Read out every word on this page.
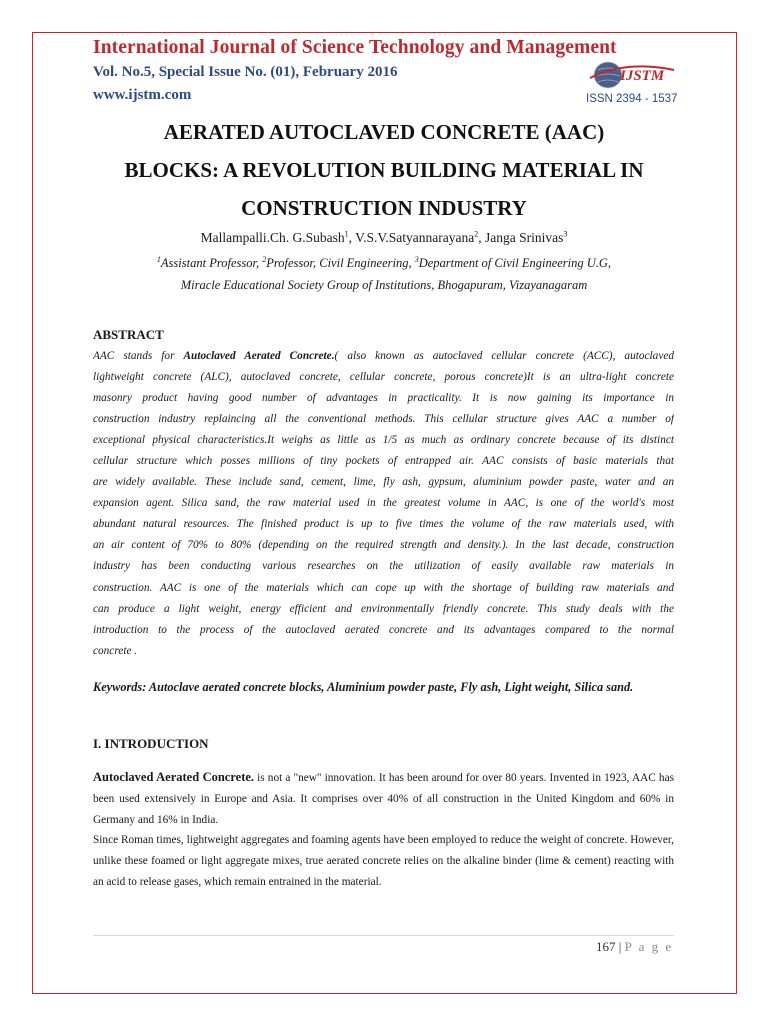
International Journal of Science Technology and Management
Vol. No.5, Special Issue No. (01), February 2016
www.ijstm.com
IJSTM
ISSN 2394 - 1537
AERATED AUTOCLAVED CONCRETE (AAC)
BLOCKS: A REVOLUTION BUILDING MATERIAL IN
CONSTRUCTION INDUSTRY
Mallampalli.Ch. G.Subash$^1$, V.S.V.Satyannarayana$^2$, Janga Srinivas$^3$
$^1$Assistant Professor, $^2$Professor, Civil Engineering, $^3$Department of Civil Engineering U.G,
Miracle Educational Society Group of Institutions, Bhogapuram, Vizayanagaram
ABSTRACT
AAC stands for Autoclaved Aerated Concrete.( also known as autoclaved cellular concrete (ACC), autoclaved
lightweight concrete (ALC), autoclaved concrete, cellular concrete, porous concrete)It is an ultra-light concrete
masonry product having good number of advantages in practicality. It is now gaining its importance in
construction industry replaincing all the conventional methods. This cellular structure gives AAC a number of
exceptional physical characteristics.It weighs as little as 1/5 as much as ordinary concrete because of its distinct
cellular structure which posses millions of tiny pockets of entrapped air. AAC consists of basic materials that
are widely available. These include sand, cement, lime, fly ash, gypsum, aluminium powder paste, water and an
expansion agent. Silica sand, the raw material used in the greatest volume in AAC, is one of the world's most
abundant natural resources. The finished product is up to five times the volume of the raw materials used, with
an air content of 70% to 80% (depending on the required strength and density.). In the last decade, construction
industry has been conducting various researches on the utilization of easily available raw materials in
construction. AAC is one of the materials which can cope up with the shortage of building raw materials and
can produce a light weight, energy efficient and environmentally friendly concrete. This study deals with the
introduction to the process of the autoclaved aerated concrete and its advantages compared to the normal
concrete .
Keywords: Autoclave aerated concrete blocks, Aluminium powder paste, Fly ash, Light weight, Silica sand.
I. INTRODUCTION
Autoclaved Aerated Concrete. is not a "new" innovation. It has been around for over 80 years. Invented in 1923, AAC has been used extensively in Europe and Asia. It comprises over 40% of all construction in the United Kingdom and 60% in Germany and 16% in India.
Since Roman times, lightweight aggregates and foaming agents have been employed to reduce the weight of concrete. However, unlike these foamed or light aggregate mixes, true aerated concrete relies on the alkaline binder (lime & cement) reacting with an acid to release gases, which remain entrained in the material.
167 | P a g e
